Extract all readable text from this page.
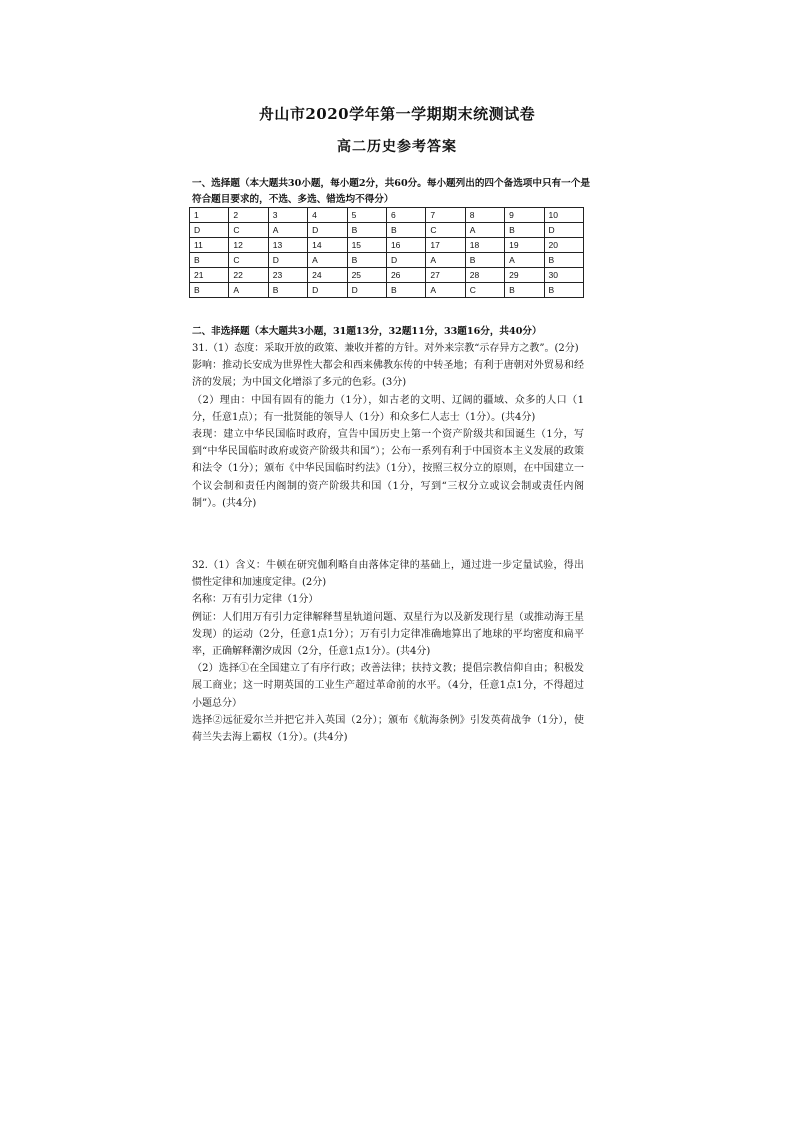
舟山市2020学年第一学期期末统测试卷
高二历史参考答案
一、选择题（本大题共30小题，每小题2分，共60分。每小题列出的四个备选项中只有一个是符合题目要求的，不选、多选、错选均不得分）
1	2	3	4	5	6	7	8	9	10
D	C	A	D	B	B	C	A	B	D
11	12	13	14	15	16	17	18	19	20
B	C	D	A	B	D	A	B	A	B
21	22	23	24	25	26	27	28	29	30
B	A	B	D	D	B	A	C	B	B
二、非选择题（本大题共3小题，31题13分，32题11分，33题16分，共40分）

31.（1）态度：采取开放的政策、兼收并蓄的方针。对外来宗教“示存异方之教”。(2分)

影响：推动长安成为世界性大都会和西来佛教东传的中转圣地；有利于唐朝对外贸易和经济的发展；为中国文化增添了多元的色彩。(3分)

（2）理由：中国有固有的能力（1分），如古老的文明、辽阔的疆域、众多的人口（1分，任意1点）；有一批贤能的领导人（1分）和众多仁人志士（1分）。(共4分)

表现：建立中华民国临时政府，宣告中国历史上第一个资产阶级共和国诞生（1分，写到“中华民国临时政府或资产阶级共和国”）；公布一系列有利于中国资本主义发展的政策和法令（1分）；颁布《中华民国临时约法》（1分），按照三权分立的原则，在中国建立一个议会制和责任内阁制的资产阶级共和国（1分，写到“三权分立或议会制或责任内阁制”）。(共4分)

32.（1）含义：牛顿在研究伽利略自由落体定律的基础上，通过进一步定量试验，得出惯性定律和加速度定律。(2分)

名称：万有引力定律（1分）

例证：人们用万有引力定律解释彗星轨道问题、双星行为以及新发现行星（或推动海王星发现）的运动（2分，任意1点1分）；万有引力定律准确地算出了地球的平均密度和扁平率，正确解释潮汐成因（2分，任意1点1分）。(共4分)

（2）选择①在全国建立了有序行政；改善法律；扶持文教；提倡宗教信仰自由；积极发展工商业；这一时期英国的工业生产超过革命前的水平。（4分，任意1点1分，不得超过小题总分）

选择②远征爱尔兰并把它并入英国（2分）；颁布《航海条例》引发英荷战争（1分），使荷兰失去海上霸权（1分）。(共4分)
